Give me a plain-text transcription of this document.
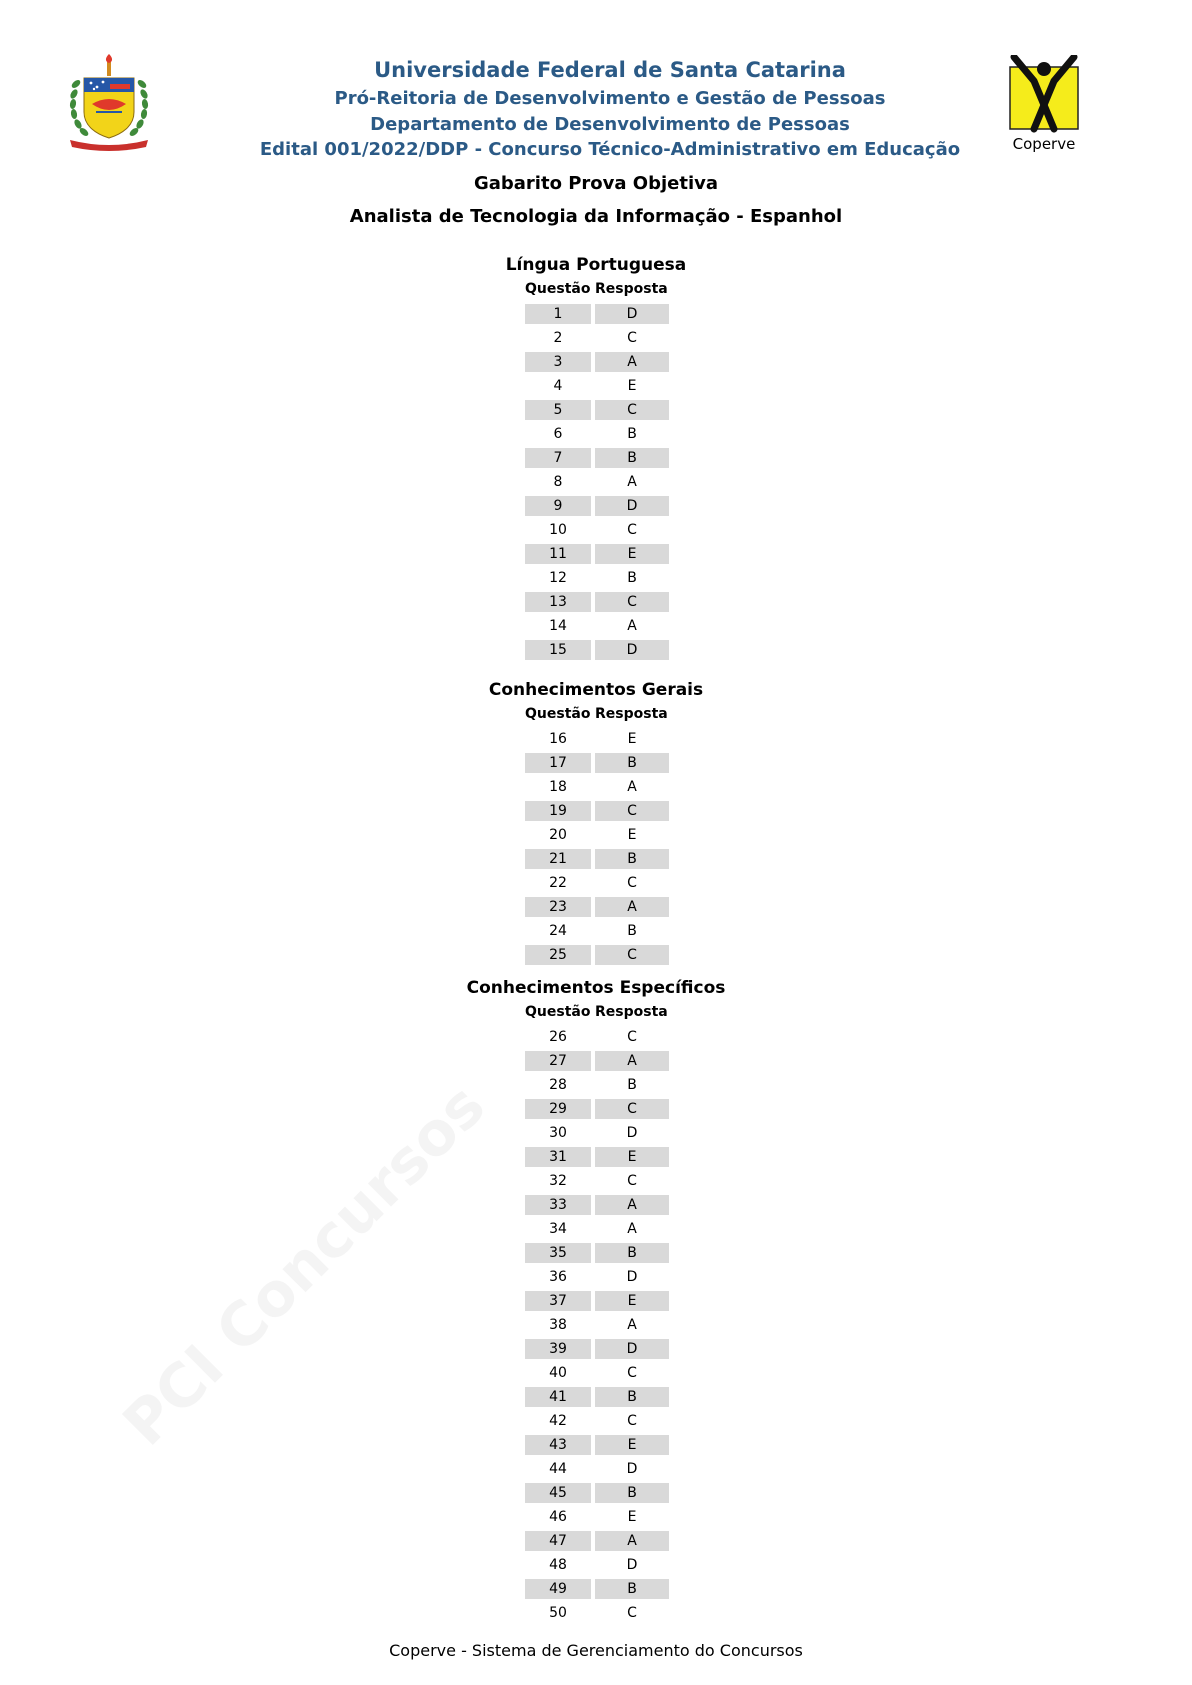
Coperve
Universidade Federal de Santa Catarina
Pró-Reitoria de Desenvolvimento e Gestão de Pessoas
Departamento de Desenvolvimento de Pessoas
Edital 001/2022/DDP - Concurso Técnico-Administrativo em Educação
Gabarito Prova Objetiva
Analista de Tecnologia da Informação - Espanhol
Língua Portuguesa
Questão Resposta
1	D
2	C
3	A
4	E
5	C
6	B
7	B
8	A
9	D
10	C
11	E
12	B
13	C
14	A
15	D
Conhecimentos Gerais
Questão Resposta
16	E
17	B
18	A
19	C
20	E
21	B
22	C
23	A
24	B
25	C
Conhecimentos Específicos
Questão Resposta
26	C
27	A
28	B
29	C
30	D
31	E
32	C
33	A
34	A
35	B
36	D
37	E
38	A
39	D
40	C
41	B
42	C
43	E
44	D
45	B
46	E
47	A
48	D
49	B
50	C
Coperve - Sistema de Gerenciamento do Concursos
